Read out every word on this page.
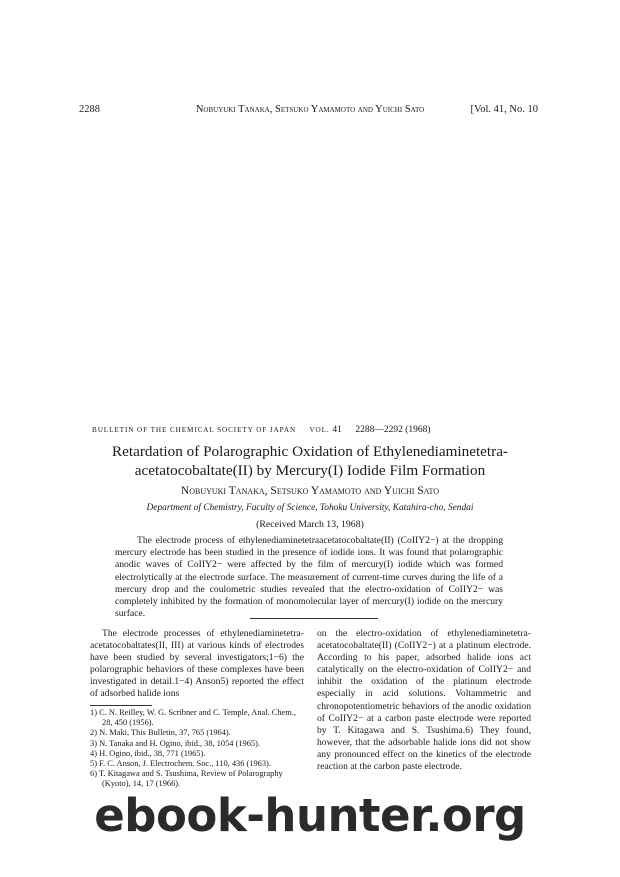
2288	Nobuyuki Tanaka, Setsuko Yamamoto and Yuichi Sato	[Vol. 41, No. 10
BULLETIN OF THE CHEMICAL SOCIETY OF JAPAN VOL. 41 2288—2292 (1968)
Retardation of Polarographic Oxidation of Ethylenediaminetetra-acetatocobaltate(II) by Mercury(I) Iodide Film Formation
Nobuyuki Tanaka, Setsuko Yamamoto and Yuichi Sato
Department of Chemistry, Faculty of Science, Tohoku University, Katahira-cho, Sendai
(Received March 13, 1968)

The electrode process of ethylenediaminetetraacetatocobaltate(II) (CoIIY2−) at the dropping mercury electrode has been studied in the presence of iodide ions. It was found that polarographic anodic waves of CoIIY2− were affected by the film of mercury(I) iodide which was formed electrolytically at the electrode surface. The measurement of current-time curves during the life of a mercury drop and the coulometric studies revealed that the electro-oxidation of CoIIY2− was completely inhibited by the formation of monomolecular layer of mercury(I) iodide on the mercury surface.

The electrode processes of ethylenediaminetetra-acetatocobaltates(II, III) at various kinds of electrodes have been studied by several investigators;1−6) the polarographic behaviors of these complexes have been investigated in detail.1−4) Anson5) reported the effect of adsorbed halide ions

1) C. N. Reilley, W. G. Scribner and C. Temple, Anal. Chem., 28, 450 (1956).

2) N. Maki, This Bulletin, 37, 765 (1964).

3) N. Tanaka and H. Ogino, ibid., 38, 1054 (1965).

4) H. Ogino, ibid., 38, 771 (1965).

5) F. C. Anson, J. Electrochem. Soc., 110, 436 (1963).

6) T. Kitagawa and S. Tsushima, Review of Polarography (Kyoto), 14, 17 (1966).

on the electro-oxidation of ethylenediaminetetra-acetatocobaltate(II) (CoIIY2−) at a platinum electrode. According to his paper, adsorbed halide ions act catalytically on the electro-oxidation of CoIIY2− and inhibit the oxidation of the platinum electrode especially in acid solutions. Voltammetric and chronopotentiometric behaviors of the anodic oxidation of CoIIY2− at a carbon paste electrode were reported by T. Kitagawa and S. Tsushima.6) They found, however, that the adsorbable halide ions did not show any pronounced effect on the kinetics of the electrode reaction at the carbon paste electrode.

ebook-hunter.org
